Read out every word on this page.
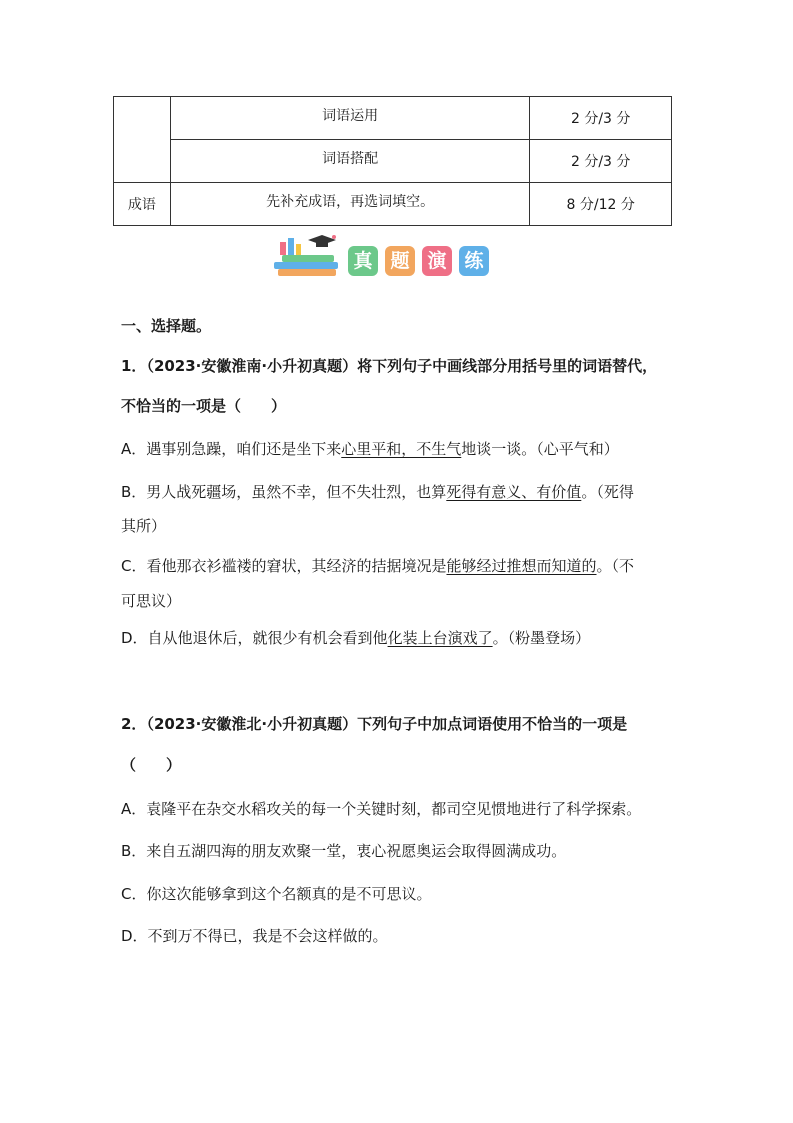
	词语运用	2 分/3 分
	词语搭配	2 分/3 分
成语	先补充成语，再选词填空。	8 分/12 分
真 题 演 练
一、选择题。
1．（2023·安徽淮南·小升初真题）将下列句子中画线部分用括号里的词语替代，
不恰当的一项是（　　）
A．遇事别急躁，咱们还是坐下来心里平和，不生气地谈一谈。（心平气和）
B．男人战死疆场，虽然不幸，但不失壮烈，也算死得有意义、有价值。（死得
其所）
C．看他那衣衫褴褛的窘状，其经济的拮据境况是能够经过推想而知道的。（不
可思议）
D．自从他退休后，就很少有机会看到他化装上台演戏了。（粉墨登场）
2．（2023·安徽淮北·小升初真题）下列句子中加点词语使用不恰当的一项是
（　　）
A．袁隆平在杂交水稻攻关的每一个关键时刻，都司空见惯地进行了科学探索。
B．来自五湖四海的朋友欢聚一堂，衷心祝愿奥运会取得圆满成功。
C．你这次能够拿到这个名额真的是不可思议。
D．不到万不得已，我是不会这样做的。
